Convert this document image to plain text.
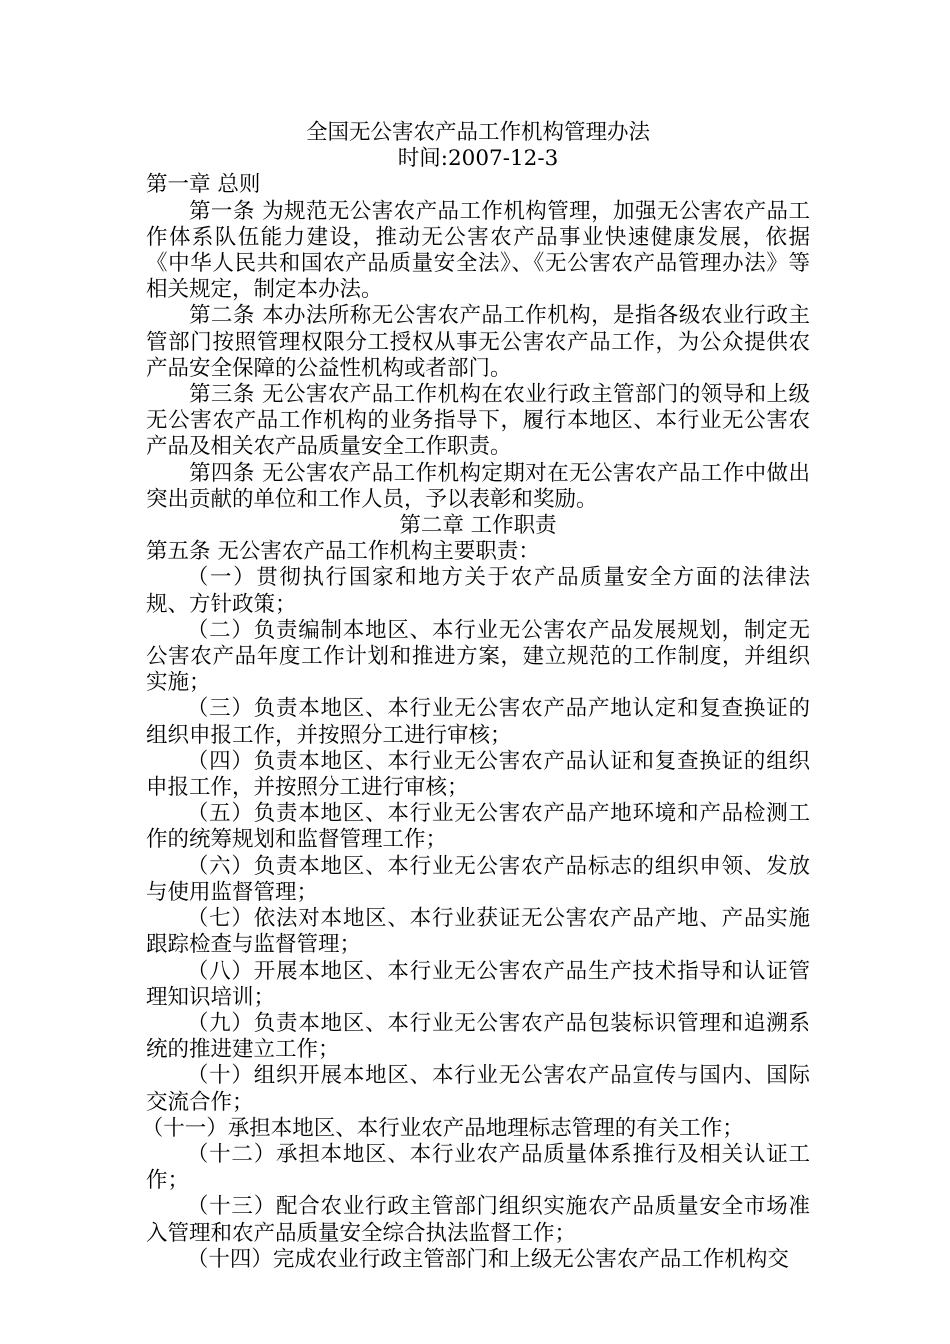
全国无公害农产品工作机构管理办法
时间:2007-12-3
第一章 总则
第一条 为规范无公害农产品工作机构管理，加强无公害农产品工作体系队伍能力建设，推动无公害农产品事业快速健康发展，依据《中华人民共和国农产品质量安全法》、《无公害农产品管理办法》等相关规定，制定本办法。
第二条 本办法所称无公害农产品工作机构，是指各级农业行政主管部门按照管理权限分工授权从事无公害农产品工作，为公众提供农产品安全保障的公益性机构或者部门。
第三条 无公害农产品工作机构在农业行政主管部门的领导和上级无公害农产品工作机构的业务指导下，履行本地区、本行业无公害农产品及相关农产品质量安全工作职责。
第四条 无公害农产品工作机构定期对在无公害农产品工作中做出突出贡献的单位和工作人员，予以表彰和奖励。
第二章 工作职责
第五条 无公害农产品工作机构主要职责：
（一）贯彻执行国家和地方关于农产品质量安全方面的法律法规、方针政策；
（二）负责编制本地区、本行业无公害农产品发展规划，制定无公害农产品年度工作计划和推进方案，建立规范的工作制度，并组织实施；
（三）负责本地区、本行业无公害农产品产地认定和复查换证的组织申报工作，并按照分工进行审核；
（四）负责本地区、本行业无公害农产品认证和复查换证的组织申报工作，并按照分工进行审核；
（五）负责本地区、本行业无公害农产品产地环境和产品检测工作的统筹规划和监督管理工作；
（六）负责本地区、本行业无公害农产品标志的组织申领、发放与使用监督管理；
（七）依法对本地区、本行业获证无公害农产品产地、产品实施跟踪检查与监督管理；
（八）开展本地区、本行业无公害农产品生产技术指导和认证管理知识培训；
（九）负责本地区、本行业无公害农产品包装标识管理和追溯系统的推进建立工作；
（十）组织开展本地区、本行业无公害农产品宣传与国内、国际交流合作；
（十一）承担本地区、本行业农产品地理标志管理的有关工作；
（十二）承担本地区、本行业农产品质量体系推行及相关认证工作；
（十三）配合农业行政主管部门组织实施农产品质量安全市场准入管理和农产品质量安全综合执法监督工作；
（十四）完成农业行政主管部门和上级无公害农产品工作机构交
